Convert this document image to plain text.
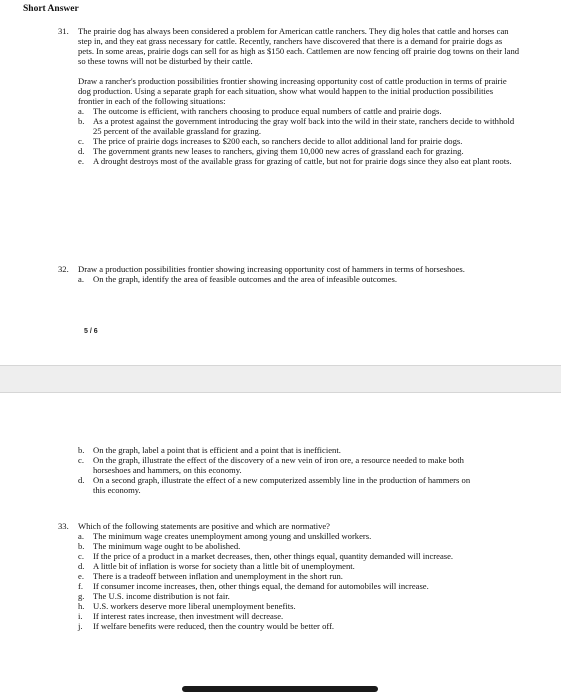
Short Answer
31. The prairie dog has always been considered a problem for American cattle ranchers. They dig holes that cattle and horses can step in, and they eat grass necessary for cattle. Recently, ranchers have discovered that there is a demand for prairie dogs as pets. In some areas, prairie dogs can sell for as high as $150 each. Cattlemen are now fencing off prairie dog towns on their land so these towns will not be disturbed by their cattle.

Draw a rancher's production possibilities frontier showing increasing opportunity cost of cattle production in terms of prairie dog production. Using a separate graph for each situation, show what would happen to the initial production possibilities frontier in each of the following situations:

a. The outcome is efficient, with ranchers choosing to produce equal numbers of cattle and prairie dogs.
b. As a protest against the government introducing the gray wolf back into the wild in their state, ranchers decide to withhold 25 percent of the available grassland for grazing.
c. The price of prairie dogs increases to $200 each, so ranchers decide to allot additional land for prairie dogs.
d. The government grants new leases to ranchers, giving them 10,000 new acres of grassland each for grazing.
e. A drought destroys most of the available grass for grazing of cattle, but not for prairie dogs since they also eat plant roots.
32. Draw a production possibilities frontier showing increasing opportunity cost of hammers in terms of horseshoes.

a. On the graph, identify the area of feasible outcomes and the area of infeasible outcomes.
5 / 6
b. On the graph, label a point that is efficient and a point that is inefficient.
c. On the graph, illustrate the effect of the discovery of a new vein of iron ore, a resource needed to make both horseshoes and hammers, on this economy.
d. On a second graph, illustrate the effect of a new computerized assembly line in the production of hammers on this economy.
33. Which of the following statements are positive and which are normative?

a. The minimum wage creates unemployment among young and unskilled workers.
b. The minimum wage ought to be abolished.
c. If the price of a product in a market decreases, then, other things equal, quantity demanded will increase.
d. A little bit of inflation is worse for society than a little bit of unemployment.
e. There is a tradeoff between inflation and unemployment in the short run.
f. If consumer income increases, then, other things equal, the demand for automobiles will increase.
g. The U.S. income distribution is not fair.
h. U.S. workers deserve more liberal unemployment benefits.
i. If interest rates increase, then investment will decrease.
j. If welfare benefits were reduced, then the country would be better off.
